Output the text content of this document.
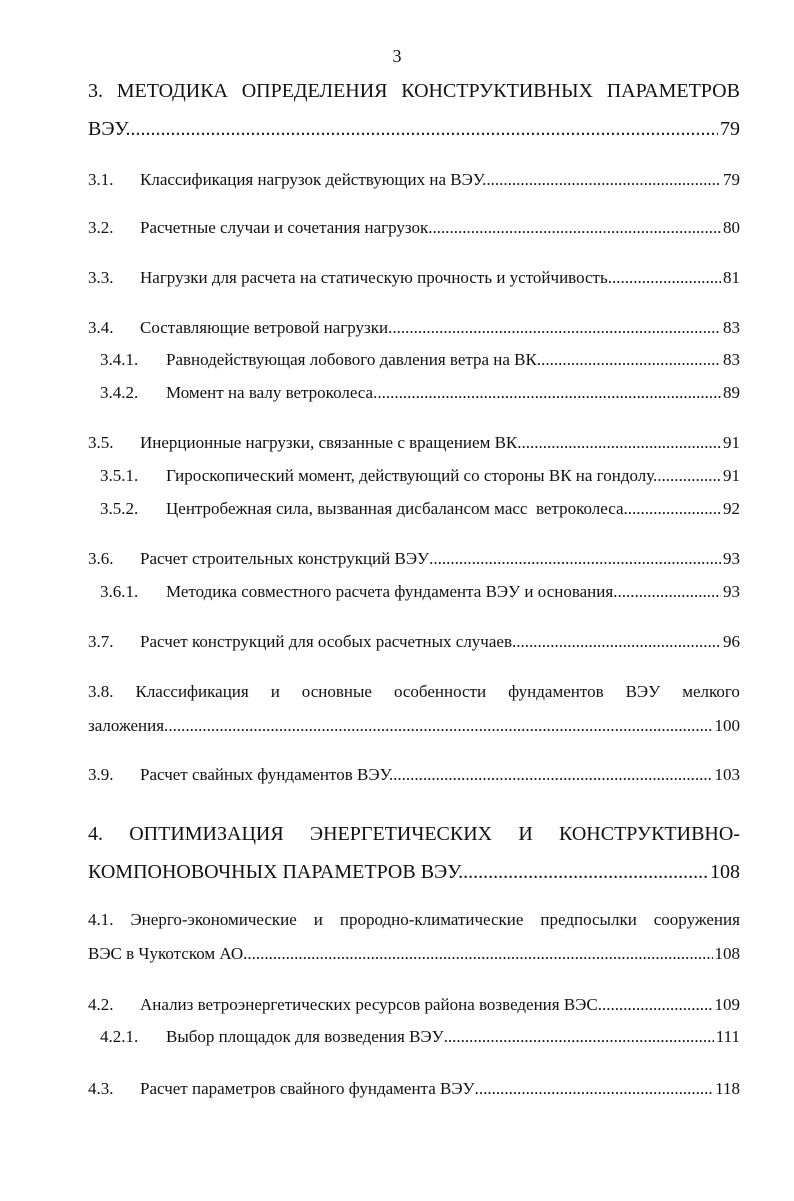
3
3. МЕТОДИКА ОПРЕДЕЛЕНИЯ КОНСТРУКТИВНЫХ ПАРАМЕТРОВ
ВЭУ. .....	79
3.1.	Классификация нагрузок действующих на ВЭУ. .....	79
3.2.	Расчетные случаи и сочетания нагрузок. .....	80
3.3.	Нагрузки для расчета на статическую прочность и устойчивость. .....	81
3.4.	Составляющие ветровой нагрузки .....	83
3.4.1.	Равнодействующая лобового давления ветра на ВК. .....	83
3.4.2.	Момент на валу ветроколеса. .....	89
3.5.	Инерционные нагрузки, связанные с вращением ВК. .....	91
3.5.1.	Гироскопический момент, действующий со стороны ВК на гондолу. .....	91
3.5.2.	Центробежная сила, вызванная дисбалансом масс  ветроколеса. .....	92
3.6.	Расчет строительных конструкций ВЭУ .....	93
3.6.1.	Методика совместного расчета фундамента ВЭУ и основания. .....	93
3.7.	Расчет конструкций для особых расчетных случаев. .....	96
3.8. Классификация и основные особенности фундаментов ВЭУ мелкого
заложения. .....	100
3.9.	Расчет свайных фундаментов ВЭУ. .....	103
4. ОПТИМИЗАЦИЯ ЭНЕРГЕТИЧЕСКИХ И КОНСТРУКТИВНО-
КОМПОНОВОЧНЫХ ПАРАМЕТРОВ ВЭУ. .....	108
4.1. Энерго-экономические и прородно-климатические предпосылки сооружения
ВЭС в Чукотском АО. .....	108
4.2.	Анализ ветроэнергетических ресурсов района возведения ВЭС. .....	109
4.2.1.	Выбор площадок для возведения ВЭУ .....	111
4.3.	Расчет параметров свайного фундамента ВЭУ .....	118
